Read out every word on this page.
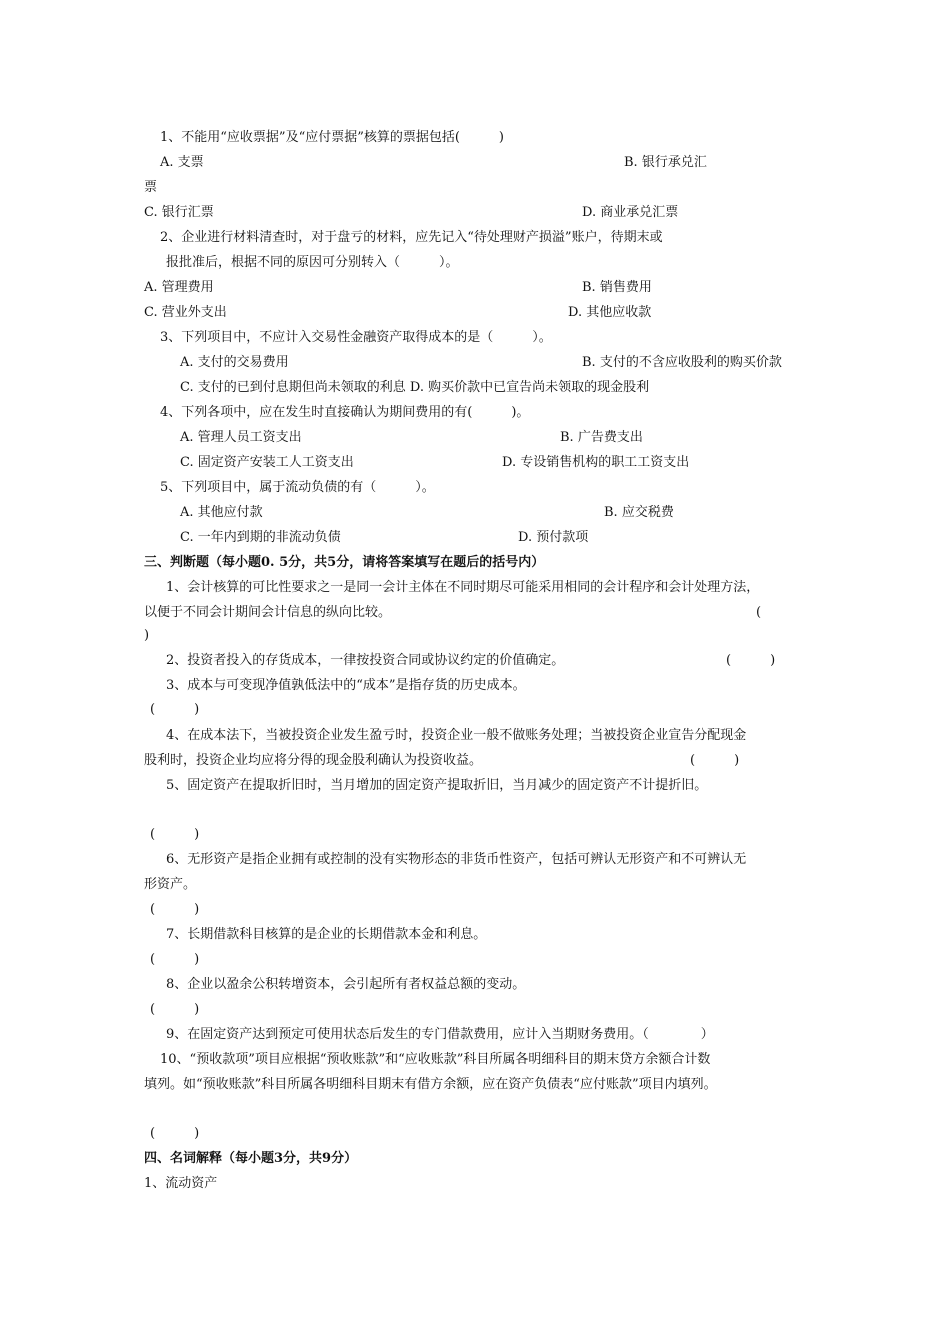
1、不能用“应收票据”及“应付票据”核算的票据包括(　　　)
A. 支票	B. 银行承兑汇
票
C. 银行汇票	D. 商业承兑汇票
2、企业进行材料清查时，对于盘亏的材料，应先记入“待处理财产损溢”账户，待期末或
报批准后，根据不同的原因可分别转入（　　　）。
A. 管理费用	B. 销售费用
C. 营业外支出	D. 其他应收款
3、下列项目中，不应计入交易性金融资产取得成本的是（　　　）。
A. 支付的交易费用	B. 支付的不含应收股利的购买价款
C. 支付的已到付息期但尚未领取的利息 D. 购买价款中已宣告尚未领取的现金股利
4、下列各项中，应在发生时直接确认为期间费用的有(　　　)。
A. 管理人员工资支出	B. 广告费支出
C. 固定资产安装工人工资支出	D. 专设销售机构的职工工资支出
5、下列项目中，属于流动负债的有（　　　）。
A. 其他应付款	B. 应交税费
C. 一年内到期的非流动负债	D. 预付款项
三、判断题（每小题0. 5分，共5分，请将答案填写在题后的括号内）
1、会计核算的可比性要求之一是同一会计主体在不同时期尽可能采用相同的会计程序和会计处理方法，
以便于不同会计期间会计信息的纵向比较。	(
)
2、投资者投入的存货成本，一律按投资合同或协议约定的价值确定。	(　　　)
3、成本与可变现净值孰低法中的“成本”是指存货的历史成本。
(　　　)
4、在成本法下，当被投资企业发生盈亏时，投资企业一般不做账务处理；当被投资企业宣告分配现金
股利时，投资企业均应将分得的现金股利确认为投资收益。	(　　　)
5、固定资产在提取折旧时，当月增加的固定资产提取折旧，当月减少的固定资产不计提折旧。
(　　　)
6、无形资产是指企业拥有或控制的没有实物形态的非货币性资产，包括可辨认无形资产和不可辨认无
形资产。
(　　　)
7、长期借款科目核算的是企业的长期借款本金和利息。
(　　　)
8、企业以盈余公积转增资本，会引起所有者权益总额的变动。
(　　　)
9、在固定资产达到预定可使用状态后发生的专门借款费用，应计入当期财务费用。（　　　　）
10、“预收款项”项目应根据“预收账款”和“应收账款”科目所属各明细科目的期末贷方余额合计数
填列。如“预收账款”科目所属各明细科目期末有借方余额，应在资产负债表“应付账款”项目内填列。
(　　　)
四、名词解释（每小题3分，共9分）
1、流动资产
